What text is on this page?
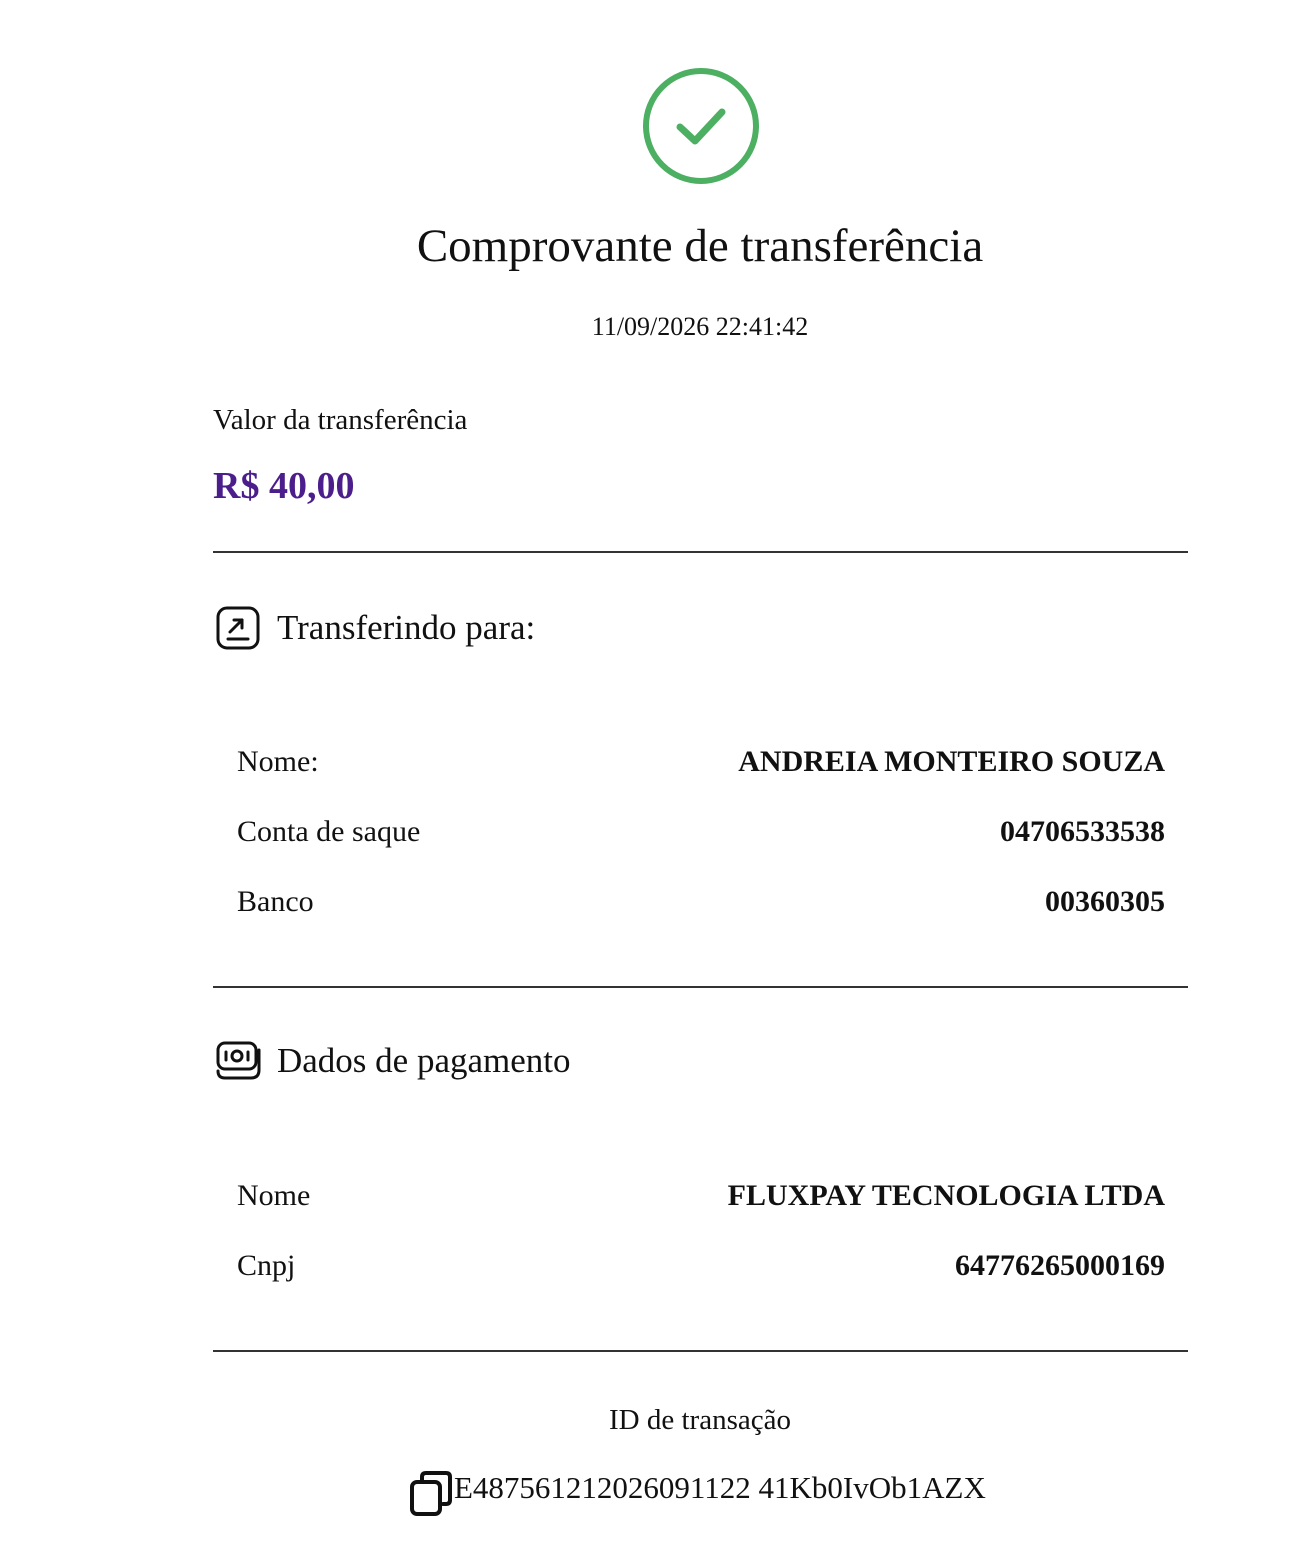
Comprovante de transferência
11/09/2026 22:41:42
Valor da transferência
R$ 40,00
Transferindo para:
Nome:	ANDREIA MONTEIRO SOUZA
Conta de saque	04706533538
Banco	00360305
Dados de pagamento
Nome	FLUXPAY TECNOLOGIA LTDA
Cnpj	64776265000169
ID de transação
E487561212026091122 41Kb0IvOb1AZX
